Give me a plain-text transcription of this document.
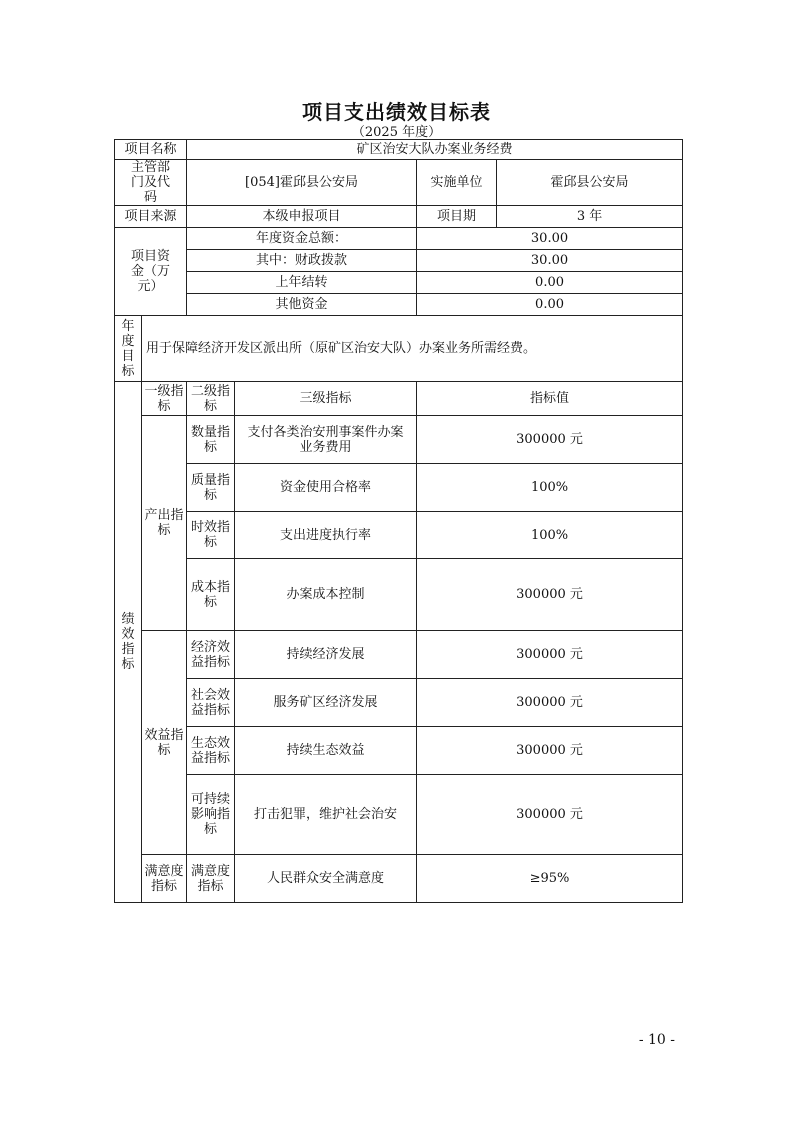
项目支出绩效目标表
（2025 年度）
项目名称		矿区治安大队办案业务经费			
主管部门及代码		[054]霍邱县公安局		实施单位	霍邱县公安局
项目来源		本级申报项目		项目期	3 年
项目资金（万元）		年度资金总额：		30.00	
		其中：财政拨款		30.00	
		上年结转		0.00	
		其他资金		0.00	
年度目标	用于保障经济开发区派出所（原矿区治安大队）办案业务所需经费。				
绩效指标	一级指标	二级指标	三级指标	指标值	
	产出指标	数量指标	支付各类治安刑事案件办案业务费用	300000 元	
		质量指标	资金使用合格率	100%	
		时效指标	支出进度执行率	100%	
		成本指标	办案成本控制	300000 元	
	效益指标	经济效益指标	持续经济发展	300000 元	
		社会效益指标	服务矿区经济发展	300000 元	
		生态效益指标	持续生态效益	300000 元	
		可持续影响指标	打击犯罪，维护社会治安	300000 元	
	满意度指标	满意度指标	人民群众安全满意度	≥95%	
- 10 -
